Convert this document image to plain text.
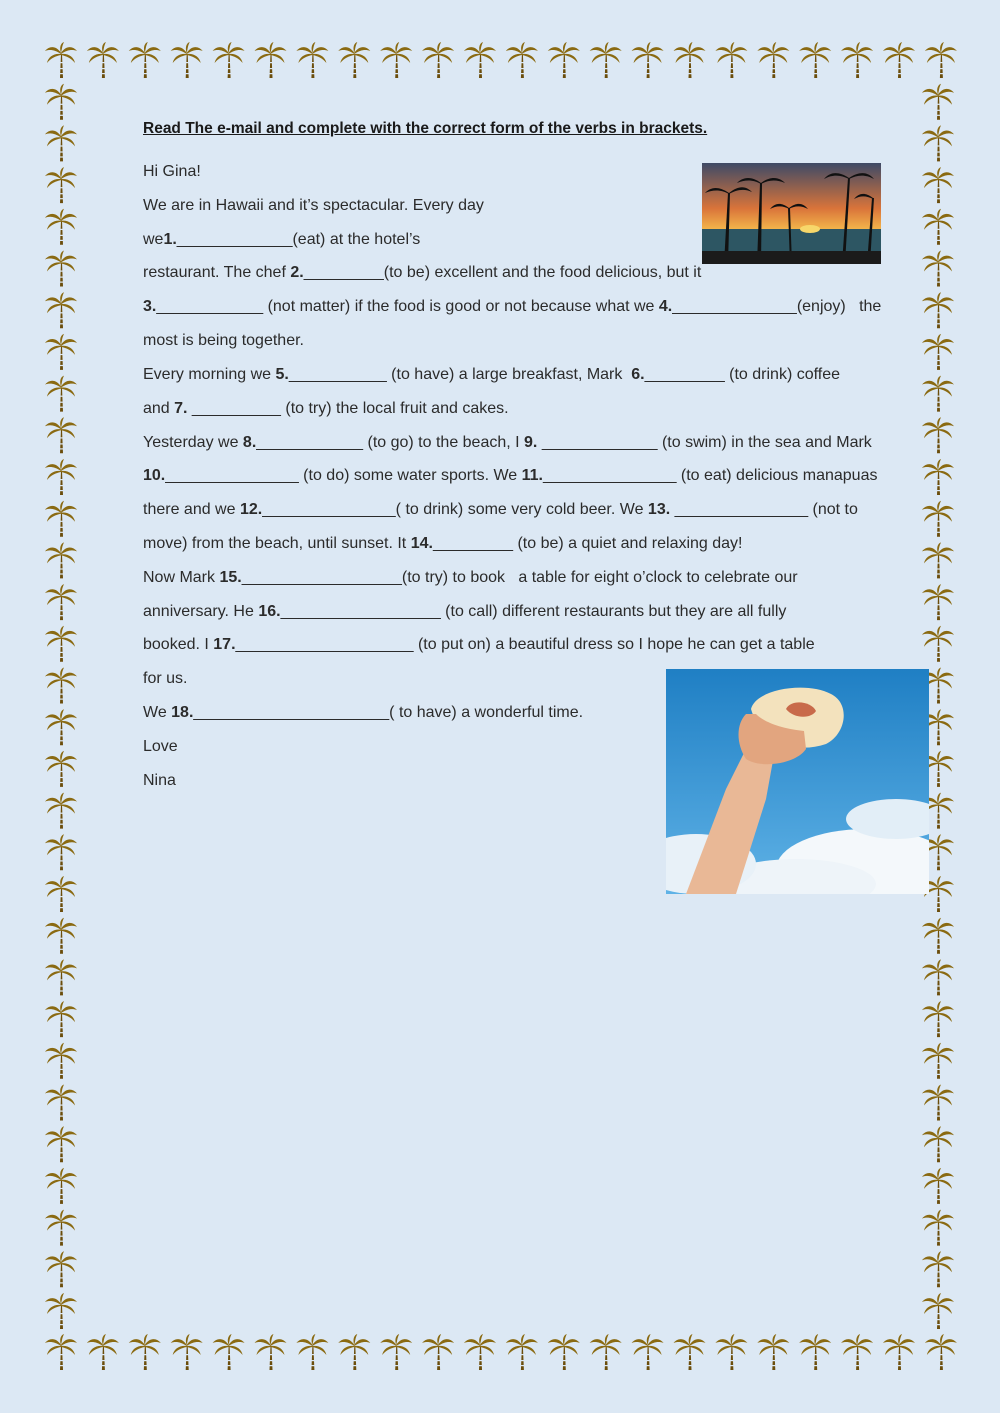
Read The e-mail and complete with the correct form of the verbs in brackets.
Hi Gina!
We are in Hawaii and it’s spectacular. Every day
we1._____________(eat) at the hotel’s
restaurant. The chef 2._________(to be) excellent and the food delicious, but it
3.____________ (not matter) if the food is good or not because what we 4.______________(enjoy)   the
most is being together.
Every morning we 5.___________ (to have) a large breakfast, Mark  6._________ (to drink) coffee
and 7. __________ (to try) the local fruit and cakes.
Yesterday we 8.____________ (to go) to the beach, I 9. _____________ (to swim) in the sea and Mark
10._______________ (to do) some water sports. We 11._______________ (to eat) delicious manapuas
there and we 12._______________( to drink) some very cold beer. We 13. _______________ (not to
move) from the beach, until sunset. It 14._________ (to be) a quiet and relaxing day!
Now Mark 15.__________________(to try) to book   a table for eight o’clock to celebrate our
anniversary. He 16.__________________ (to call) different restaurants but they are all fully
booked. I 17.____________________ (to put on) a beautiful dress so I hope he can get a table
for us.
We 18.______________________( to have) a wonderful time.
Love
Nina
